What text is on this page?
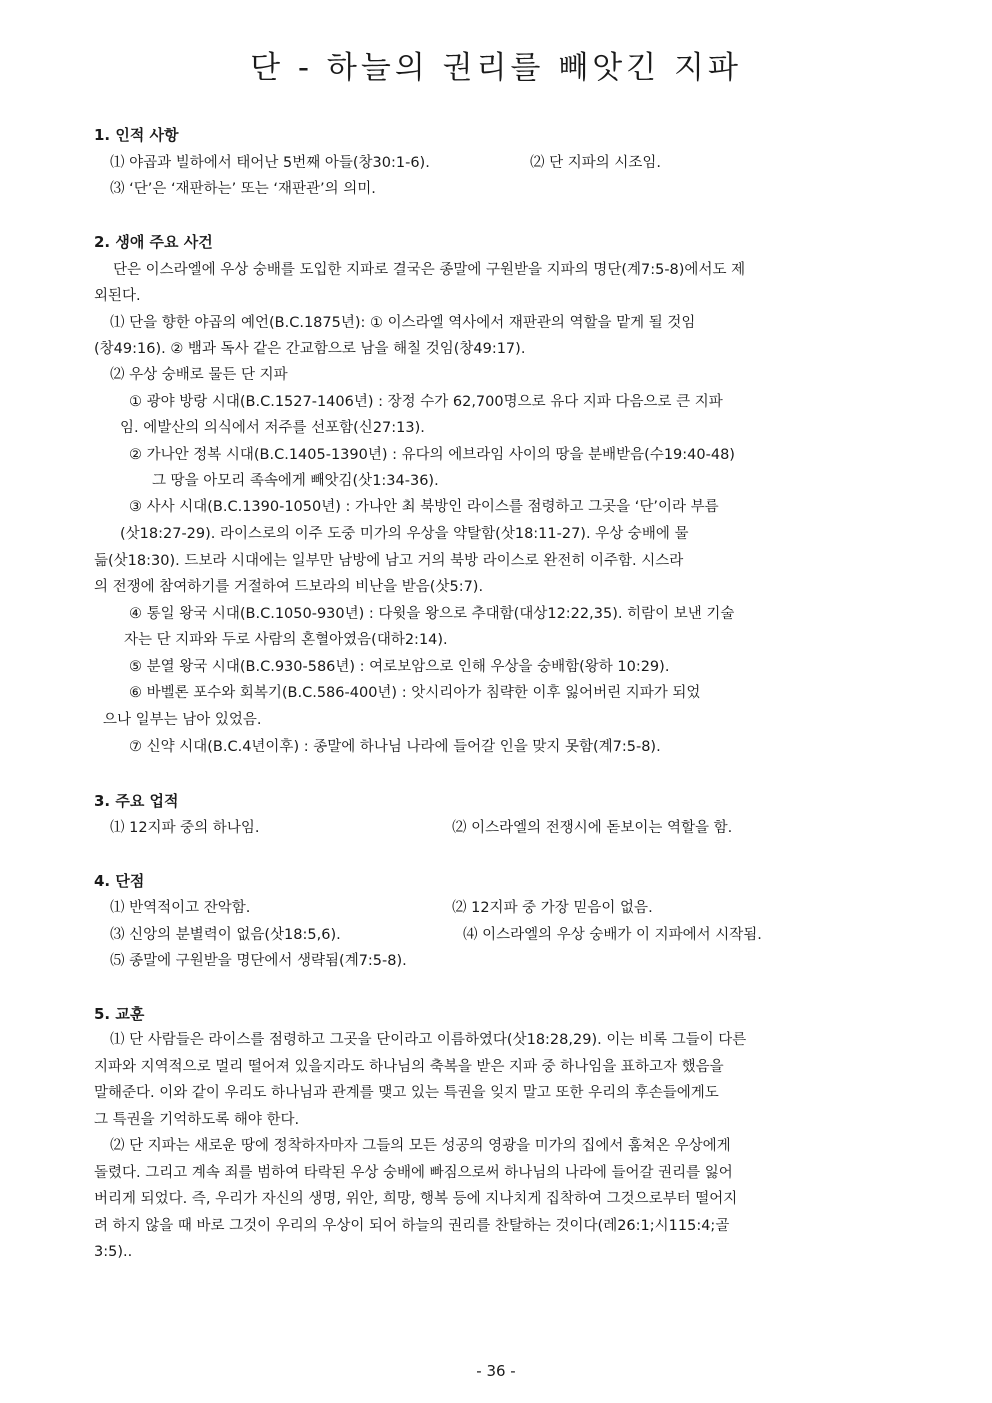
단 - 하늘의 권리를 빼앗긴 지파
1. 인적 사항
⑴ 야곱과 빌하에서 태어난 5번째 아들(창30:1-6).	⑵ 단 지파의 시조임.
⑶ ‘단’은 ‘재판하는’ 또는 ‘재판관’의 의미.
2. 생애 주요 사건
단은 이스라엘에 우상 숭배를 도입한 지파로 결국은 종말에 구원받을 지파의 명단(계7:5-8)에서도 제
외된다.
⑴ 단을 향한 야곱의 예언(B.C.1875년): ① 이스라엘 역사에서 재판관의 역할을 맡게 될 것임
(창49:16). ② 뱀과 독사 같은 간교함으로 남을 해칠 것임(창49:17).
⑵ 우상 숭배로 물든 단 지파
① 광야 방랑 시대(B.C.1527-1406년) : 장정 수가 62,700명으로 유다 지파 다음으로 큰 지파
임. 에발산의 의식에서 저주를 선포함(신27:13).
② 가나안 정복 시대(B.C.1405-1390년) : 유다의 에브라임 사이의 땅을 분배받음(수19:40-48)
그 땅을 아모리 족속에게 빼앗김(삿1:34-36).
③ 사사 시대(B.C.1390-1050년) : 가나안 최 북방인 라이스를 점령하고 그곳을 ‘단’이라 부름
(삿18:27-29). 라이스로의 이주 도중 미가의 우상을 약탈함(삿18:11-27). 우상 숭배에 물
듦(삿18:30). 드보라 시대에는 일부만 남방에 남고 거의 북방 라이스로 완전히 이주함. 시스라
의 전쟁에 참여하기를 거절하여 드보라의 비난을 받음(삿5:7).
④ 통일 왕국 시대(B.C.1050-930년) : 다윗을 왕으로 추대함(대상12:22,35). 히람이 보낸 기술
자는 단 지파와 두로 사람의 혼혈아였음(대하2:14).
⑤ 분열 왕국 시대(B.C.930-586년) : 여로보암으로 인해 우상을 숭배함(왕하 10:29).
⑥ 바벨론 포수와 회복기(B.C.586-400년) : 앗시리아가 침략한 이후 잃어버린 지파가 되었
으나 일부는 남아 있었음.
⑦ 신약 시대(B.C.4년이후) : 종말에 하나님 나라에 들어갈 인을 맞지 못함(계7:5-8).
3. 주요 업적
⑴ 12지파 중의 하나임.	⑵ 이스라엘의 전쟁시에 돋보이는 역할을 함.
4. 단점
⑴ 반역적이고 잔악함.	⑵ 12지파 중 가장 믿음이 없음.
⑶ 신앙의 분별력이 없음(삿18:5,6).	⑷ 이스라엘의 우상 숭배가 이 지파에서 시작됨.
⑸ 종말에 구원받을 명단에서 생략됨(계7:5-8).
5. 교훈
⑴ 단 사람들은 라이스를 점령하고 그곳을 단이라고 이름하였다(삿18:28,29). 이는 비록 그들이 다른
지파와 지역적으로 멀리 떨어져 있을지라도 하나님의 축복을 받은 지파 중 하나임을 표하고자 했음을
말해준다. 이와 같이 우리도 하나님과 관계를 맺고 있는 특권을 잊지 말고 또한 우리의 후손들에게도
그 특권을 기억하도록 해야 한다.
⑵ 단 지파는 새로운 땅에 정착하자마자 그들의 모든 성공의 영광을 미가의 집에서 훔쳐온 우상에게
돌렸다. 그리고 계속 죄를 범하여 타락된 우상 숭배에 빠짐으로써 하나님의 나라에 들어갈 권리를 잃어
버리게 되었다. 즉, 우리가 자신의 생명, 위안, 희망, 행복 등에 지나치게 집착하여 그것으로부터 떨어지
려 하지 않을 때 바로 그것이 우리의 우상이 되어 하늘의 권리를 찬탈하는 것이다(레26:1;시115:4;골
3:5)..
- 36 -
